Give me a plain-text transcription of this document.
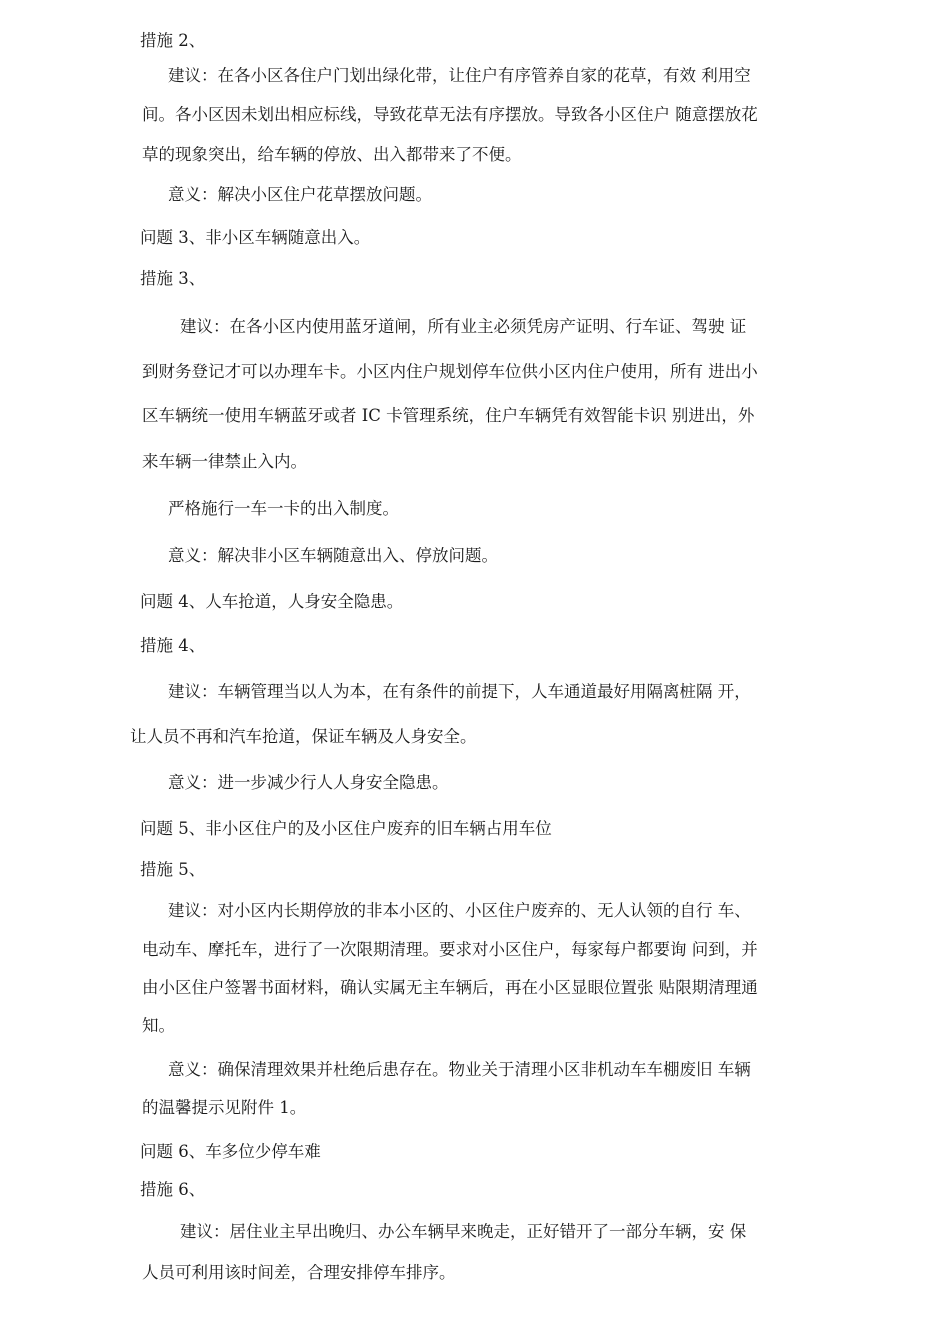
措施 2、

建议：在各小区各住户门划出绿化带，让住户有序管养自家的花草，有效 利用空

间。各小区因未划出相应标线，导致花草无法有序摆放。导致各小区住户 随意摆放花

草的现象突出，给车辆的停放、出入都带来了不便。

意义：解决小区住户花草摆放问题。

问题 3、非小区车辆随意出入。

措施 3、

建议：在各小区内使用蓝牙道闸，所有业主必须凭房产证明、行车证、驾驶 证

到财务登记才可以办理车卡。小区内住户规划停车位供小区内住户使用，所有 进出小

区车辆统一使用车辆蓝牙或者 IC 卡管理系统，住户车辆凭有效智能卡识 别进出，外

来车辆一律禁止入内。

严格施行一车一卡的出入制度。

意义：解决非小区车辆随意出入、停放问题。

问题 4、人车抢道，人身安全隐患。

措施 4、

建议：车辆管理当以人为本，在有条件的前提下，人车通道最好用隔离桩隔 开，

让人员不再和汽车抢道，保证车辆及人身安全。

意义：进一步减少行人人身安全隐患。

问题 5、非小区住户的及小区住户废弃的旧车辆占用车位

措施 5、

建议：对小区内长期停放的非本小区的、小区住户废弃的、无人认领的自行 车、

电动车、摩托车，进行了一次限期清理。要求对小区住户，每家每户都要询 问到，并

由小区住户签署书面材料，确认实属无主车辆后，再在小区显眼位置张 贴限期清理通

知。

意义：确保清理效果并杜绝后患存在。物业关于清理小区非机动车车棚废旧 车辆

的温馨提示见附件 1。

问题 6、车多位少停车难

措施 6、

建议：居住业主早出晚归、办公车辆早来晚走，正好错开了一部分车辆，安 保

人员可利用该时间差，合理安排停车排序。
